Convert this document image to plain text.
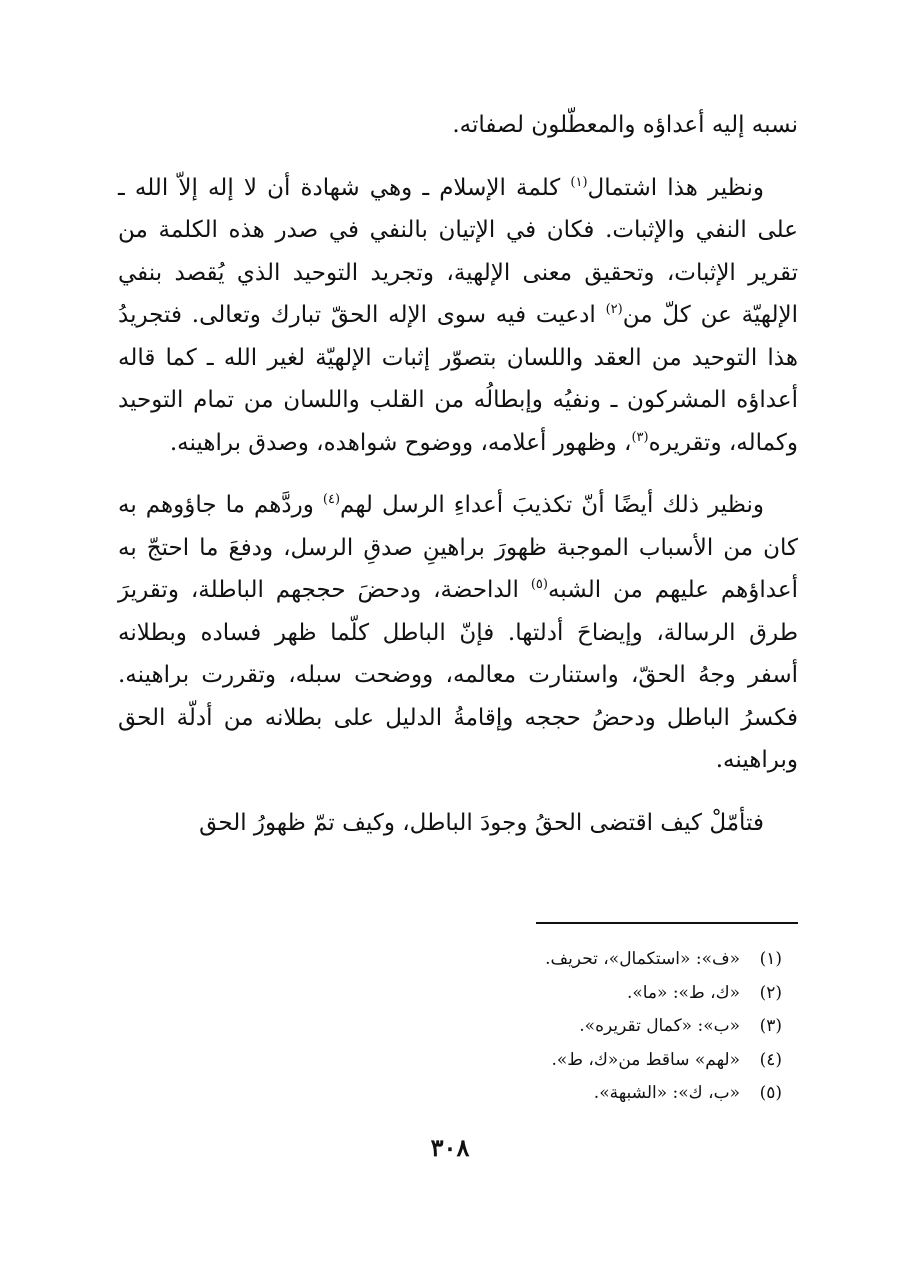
نسبه إليه أعداؤه والمعطّلون لصفاته.

ونظير هذا اشتمال$^{(١)}$ كلمة الإسلام ـ وهي شهادة أن لا إله إلاّ الله ـ على النفي والإثبات. فكان في الإتيان بالنفي في صدر هذه الكلمة من تقرير الإثبات، وتحقيق معنى الإلهية، وتجريد التوحيد الذي يُقصد بنفي الإلهيّة عن كلّ من$^{(٢)}$ ادعيت فيه سوى الإله الحقّ تبارك وتعالى. فتجريدُ هذا التوحيد من العقد واللسان بتصوّر إثبات الإلهيّة لغير الله ـ كما قاله أعداؤه المشركون ـ ونفيُه وإبطالُه من القلب واللسان من تمام التوحيد وكماله، وتقريره$^{(٣)}$، وظهور أعلامه، ووضوح شواهده، وصدق براهينه.

ونظير ذلك أيضًا أنّ تكذيبَ أعداءِ الرسل لهم$^{(٤)}$ وردَّهم ما جاؤوهم به كان من الأسباب الموجبة ظهورَ براهينِ صدقِ الرسل، ودفعَ ما احتجّ به أعداؤهم عليهم من الشبه$^{(٥)}$ الداحضة، ودحضَ حججهم الباطلة، وتقريرَ طرق الرسالة، وإيضاحَ أدلتها. فإنّ الباطل كلّما ظهر فساده وبطلانه أسفر وجهُ الحقّ، واستنارت معالمه، ووضحت سبله، وتقررت براهينه. فكسرُ الباطل ودحضُ حججه وإقامةُ الدليل على بطلانه من أدلّة الحق وبراهينه.

فتأمّلْ كيف اقتضى الحقُ وجودَ الباطل، وكيف تمّ ظهورُ الحق

(١)«ف»: «استكمال»، تحريف.
(٢)«ك، ط»: «ما».
(٣)«ب»: «كمال تقريره».
(٤)«لهم» ساقط من«ك، ط».
(٥)«ب، ك»: «الشبهة».
٣٠٨
